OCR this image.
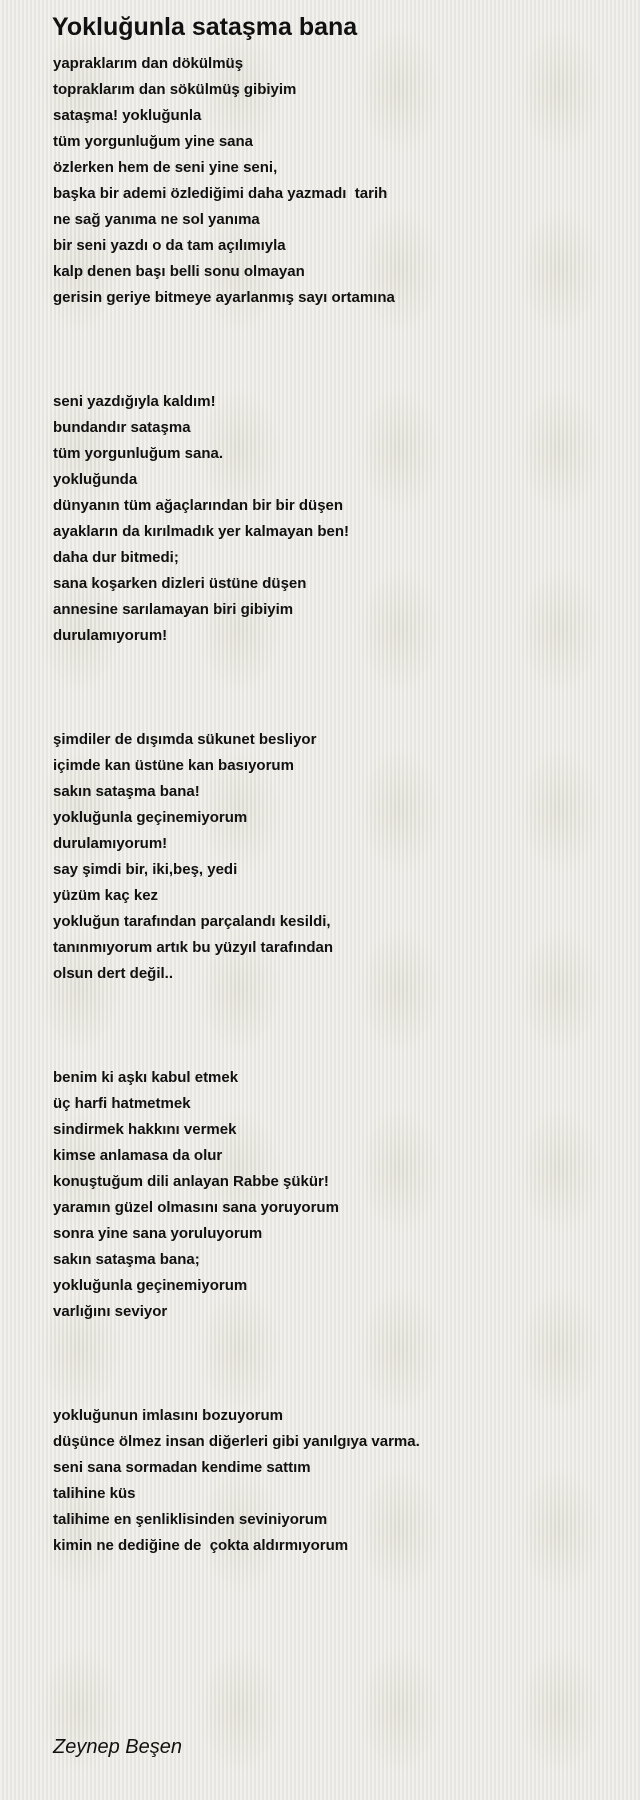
Yokluğunla sataşma bana
yapraklarım dan dökülmüş
topraklarım dan sökülmüş gibiyim
sataşma! yokluğunla
tüm yorgunluğum yine sana
özlerken hem de seni yine seni,
başka bir ademi özlediğimi daha yazmadı  tarih
ne sağ yanıma ne sol yanıma
bir seni yazdı o da tam açılımıyla
kalp denen başı belli sonu olmayan
gerisin geriye bitmeye ayarlanmış sayı ortamına
seni yazdığıyla kaldım!
bundandır sataşma
tüm yorgunluğum sana.
yokluğunda
dünyanın tüm ağaçlarından bir bir düşen
ayakların da kırılmadık yer kalmayan ben!
daha dur bitmedi;
sana koşarken dizleri üstüne düşen
annesine sarılamayan biri gibiyim
durulamıyorum!
şimdiler de dışımda sükunet besliyor
içimde kan üstüne kan basıyorum
sakın sataşma bana!
yokluğunla geçinemiyorum
durulamıyorum!
say şimdi bir, iki,beş, yedi
yüzüm kaç kez
yokluğun tarafından parçalandı kesildi,
tanınmıyorum artık bu yüzyıl tarafından
olsun dert değil..
benim ki aşkı kabul etmek
üç harfi hatmetmek
sindirmek hakkını vermek
kimse anlamasa da olur
konuştuğum dili anlayan Rabbe şükür!
yaramın güzel olmasını sana yoruyorum
sonra yine sana yoruluyorum
sakın sataşma bana;
yokluğunla geçinemiyorum
varlığını seviyor
yokluğunun imlasını bozuyorum
düşünce ölmez insan diğerleri gibi yanılgıya varma.
seni sana sormadan kendime sattım
talihine küs
talihime en şenliklisinden seviniyorum
kimin ne dediğine de  çokta aldırmıyorum
Zeynep Beşen
